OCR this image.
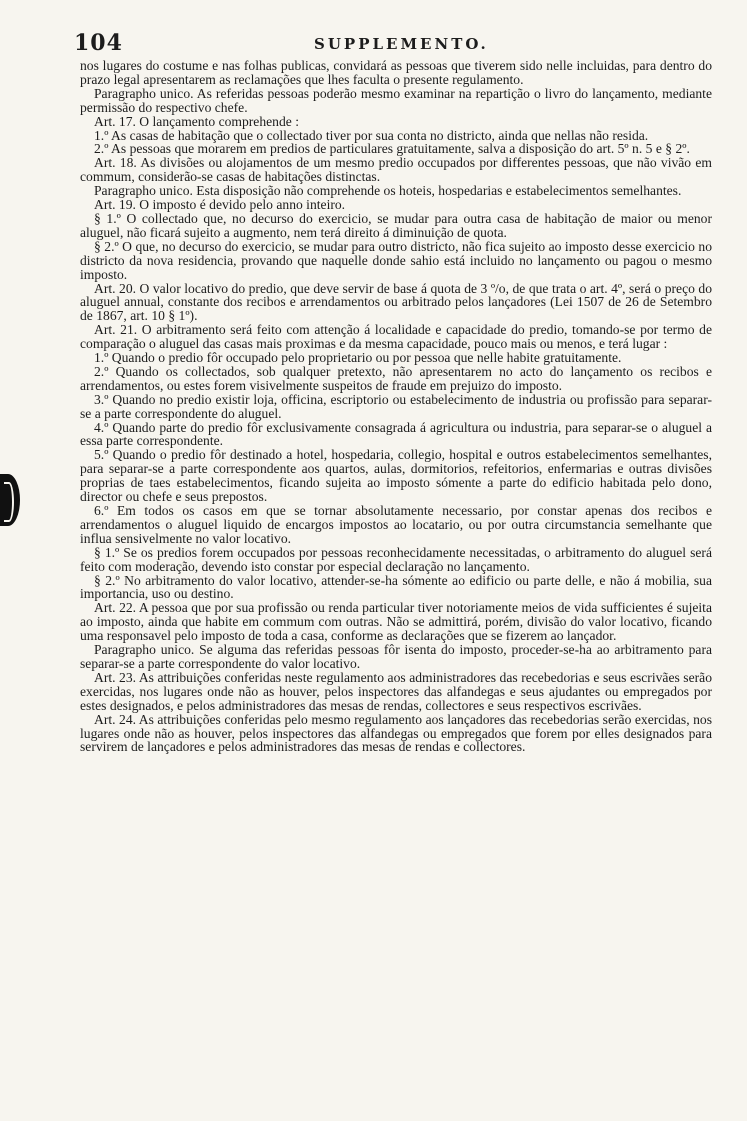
104	SUPPLEMENTO.

nos lugares do costume e nas folhas publicas, convidará as pessoas que tiverem sido nelle incluidas, para dentro do prazo legal apresentarem as reclamações que lhes faculta o presente regulamento.

Paragrapho unico. As referidas pessoas poderão mesmo examinar na repartição o livro do lançamento, mediante permissão do respectivo chefe.

Art. 17. O lançamento comprehende :

1.º As casas de habitação que o collectado tiver por sua conta no districto, ainda que nellas não resida.

2.º As pessoas que morarem em predios de particulares gratuitamente, salva a disposição do art. 5º n. 5 e § 2º.

Art. 18. As divisões ou alojamentos de um mesmo predio occupados por differentes pessoas, que não vivão em commum, considerão-se casas de habitações distinctas.

Paragrapho unico. Esta disposição não comprehende os hoteis, hospedarias e estabelecimentos semelhantes.

Art. 19. O imposto é devido pelo anno inteiro.

§ 1.º O collectado que, no decurso do exercicio, se mudar para outra casa de habitação de maior ou menor aluguel, não ficará sujeito a augmento, nem terá direito á diminuição de quota.

§ 2.º O que, no decurso do exercicio, se mudar para outro districto, não fica sujeito ao imposto desse exercicio no districto da nova residencia, provando que naquelle donde sahio está incluido no lançamento ou pagou o mesmo imposto.

Art. 20. O valor locativo do predio, que deve servir de base á quota de 3 º/o, de que trata o art. 4º, será o preço do aluguel annual, constante dos recibos e arrendamentos ou arbitrado pelos lançadores (Lei 1507 de 26 de Setembro de 1867, art. 10 § 1º).

Art. 21. O arbitramento será feito com attenção á localidade e capacidade do predio, tomando-se por termo de comparação o aluguel das casas mais proximas e da mesma capacidade, pouco mais ou menos, e terá lugar :

1.º Quando o predio fôr occupado pelo proprietario ou por pessoa que nelle habite gratuitamente.

2.º Quando os collectados, sob qualquer pretexto, não apresentarem no acto do lançamento os recibos e arrendamentos, ou estes forem visivelmente suspeitos de fraude em prejuizo do imposto.

3.º Quando no predio existir loja, officina, escriptorio ou estabelecimento de industria ou profissão para separar-se a parte correspondente do aluguel.

4.º Quando parte do predio fôr exclusivamente consagrada á agricultura ou industria, para separar-se o aluguel a essa parte correspondente.

5.º Quando o predio fôr destinado a hotel, hospedaria, collegio, hospital e outros estabelecimentos semelhantes, para separar-se a parte correspondente aos quartos, aulas, dormitorios, refeitorios, enfermarias e outras divisões proprias de taes estabelecimentos, ficando sujeita ao imposto sómente a parte do edificio habitada pelo dono, director ou chefe e seus prepostos.

6.º Em todos os casos em que se tornar absolutamente necessario, por constar apenas dos recibos e arrendamentos o aluguel liquido de encargos impostos ao locatario, ou por outra circumstancia semelhante que influa sensivelmente no valor locativo.

§ 1.º Se os predios forem occupados por pessoas reconhecidamente necessitadas, o arbitramento do aluguel será feito com moderação, devendo isto constar por especial declaração no lançamento.

§ 2.º No arbitramento do valor locativo, attender-se-ha sómente ao edificio ou parte delle, e não á mobilia, sua importancia, uso ou destino.

Art. 22. A pessoa que por sua profissão ou renda particular tiver notoriamente meios de vida sufficientes é sujeita ao imposto, ainda que habite em commum com outras. Não se admittirá, porém, divisão do valor locativo, ficando uma responsavel pelo imposto de toda a casa, conforme as declarações que se fizerem ao lançador.

Paragrapho unico. Se alguma das referidas pessoas fôr isenta do imposto, proceder-se-ha ao arbitramento para separar-se a parte correspondente do valor locativo.

Art. 23. As attribuições conferidas neste regulamento aos administradores das recebedorias e seus escrivães serão exercidas, nos lugares onde não as houver, pelos inspectores das alfandegas e seus ajudantes ou empregados por estes designados, e pelos administradores das mesas de rendas, collectores e seus respectivos escrivães.

Art. 24. As attribuições conferidas pelo mesmo regulamento aos lançadores das recebedorias serão exercidas, nos lugares onde não as houver, pelos inspectores das alfandegas ou empregados que forem por elles designados para servirem de lançadores e pelos administradores das mesas de rendas e collectores.
